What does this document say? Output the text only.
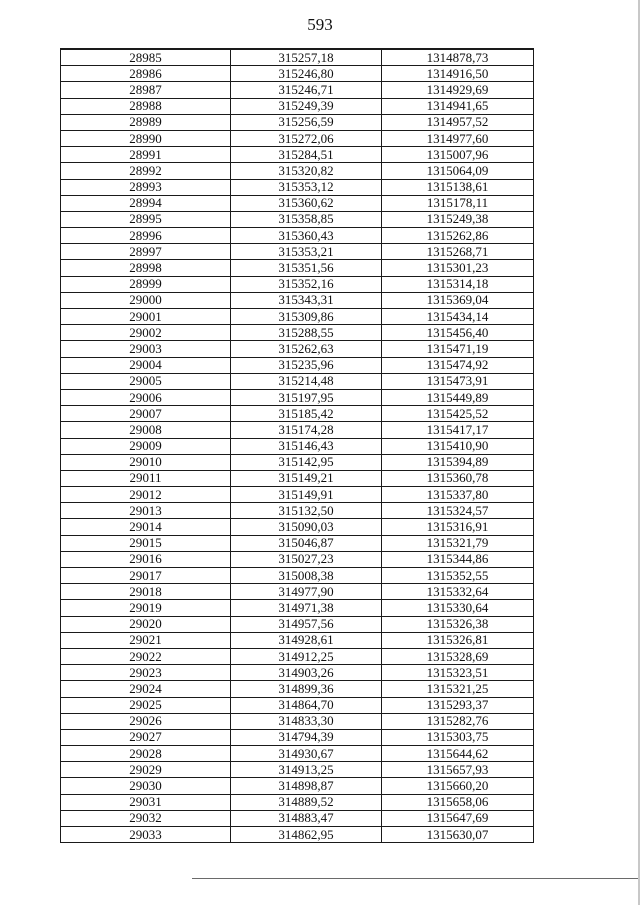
593
28985	315257,18	1314878,73
28986	315246,80	1314916,50
28987	315246,71	1314929,69
28988	315249,39	1314941,65
28989	315256,59	1314957,52
28990	315272,06	1314977,60
28991	315284,51	1315007,96
28992	315320,82	1315064,09
28993	315353,12	1315138,61
28994	315360,62	1315178,11
28995	315358,85	1315249,38
28996	315360,43	1315262,86
28997	315353,21	1315268,71
28998	315351,56	1315301,23
28999	315352,16	1315314,18
29000	315343,31	1315369,04
29001	315309,86	1315434,14
29002	315288,55	1315456,40
29003	315262,63	1315471,19
29004	315235,96	1315474,92
29005	315214,48	1315473,91
29006	315197,95	1315449,89
29007	315185,42	1315425,52
29008	315174,28	1315417,17
29009	315146,43	1315410,90
29010	315142,95	1315394,89
29011	315149,21	1315360,78
29012	315149,91	1315337,80
29013	315132,50	1315324,57
29014	315090,03	1315316,91
29015	315046,87	1315321,79
29016	315027,23	1315344,86
29017	315008,38	1315352,55
29018	314977,90	1315332,64
29019	314971,38	1315330,64
29020	314957,56	1315326,38
29021	314928,61	1315326,81
29022	314912,25	1315328,69
29023	314903,26	1315323,51
29024	314899,36	1315321,25
29025	314864,70	1315293,37
29026	314833,30	1315282,76
29027	314794,39	1315303,75
29028	314930,67	1315644,62
29029	314913,25	1315657,93
29030	314898,87	1315660,20
29031	314889,52	1315658,06
29032	314883,47	1315647,69
29033	314862,95	1315630,07
